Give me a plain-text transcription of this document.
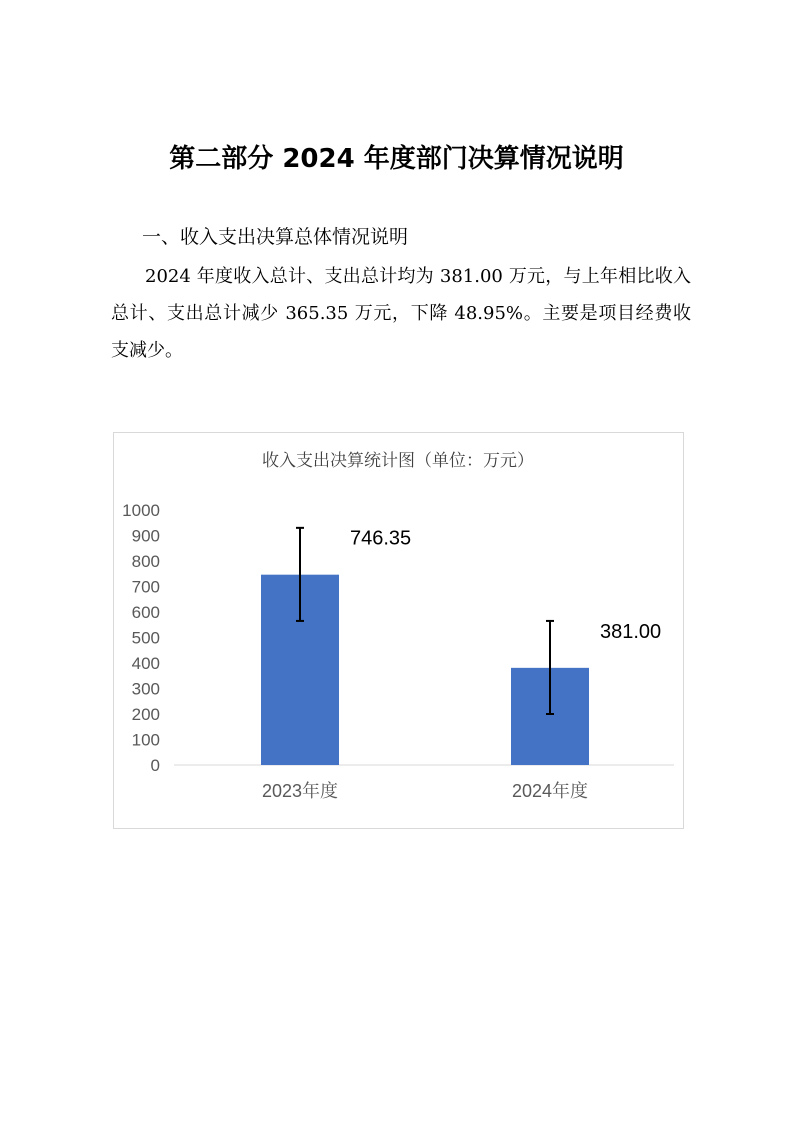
第二部分 2024 年度部门决算情况说明
一、收入支出决算总体情况说明
2024 年度收入总计、支出总计均为 381.00 万元，与上年相比收入总计、支出总计减少 365.35 万元，下降 48.95%。主要是项目经费收支减少。
收入支出决算统计图（单位：万元）
0
100
200
300
400
500
600
700
800
900
1000
746.35
2023年度
381.00
2024年度
